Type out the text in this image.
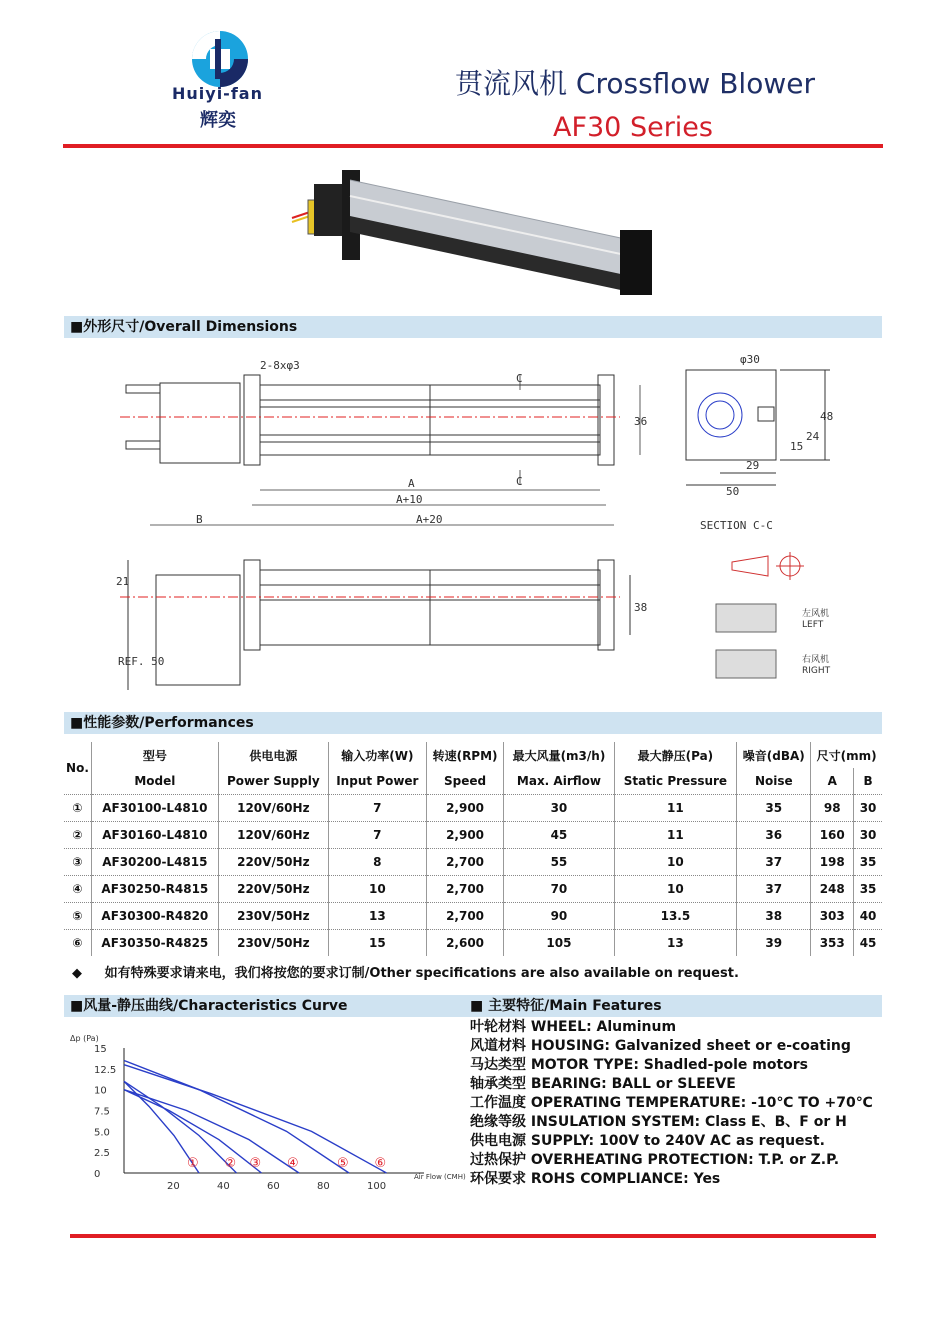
Huiyi-fan
辉奕
贯流风机 Crossflow Blower
AF30 Series
■外形尺寸/Overall Dimensions
2-8xφ3
C
C
36
A
A+10
A+20
B
φ30
48
24
15
29
50
SECTION C-C
38
21
REF. 50
左风机
LEFT
右风机
RIGHT
■性能参数/Performances
No.	型号	供电电源	输入功率(W)	转速(RPM)	最大风量(m3/h)	最大静压(Pa)	噪音(dBA)	尺寸(mm)	
	Model	Power Supply	Input Power	Speed	Max. Airflow	Static Pressure	Noise	A	B
①	AF30100-L4810	120V/60Hz	7	2,900	30	11	35	98	30
②	AF30160-L4810	120V/60Hz	7	2,900	45	11	36	160	30
③	AF30200-L4815	220V/50Hz	8	2,700	55	10	37	198	35
④	AF30250-R4815	220V/50Hz	10	2,700	70	10	37	248	35
⑤	AF30300-R4820	230V/50Hz	13	2,700	90	13.5	38	303	40
⑥	AF30350-R4825	230V/50Hz	15	2,600	105	13	39	353	45
◆ 如有特殊要求请来电，我们将按您的要求订制/Other specifications are also available on request.
■风量-静压曲线/Characteristics Curve	■ 主要特征/Main Features
15
12.5
10
7.5
5.0
2.5
0
20	40	60	80	100
Δp (Pa)
Air Flow (CMH)
① ② ③ ④	⑤ ⑥
叶轮材料 WHEEL: Aluminum
风道材料 HOUSING: Galvanized sheet or e-coating
马达类型 MOTOR TYPE: Shadled-pole motors
轴承类型 BEARING: BALL or SLEEVE
工作温度 OPERATING TEMPERATURE: -10℃ TO +70℃
绝缘等级 INSULATION SYSTEM: Class E、B、F or H
供电电源 SUPPLY: 100V to 240V AC as request.
过热保护 OVERHEATING PROTECTION: T.P. or Z.P.
环保要求 ROHS COMPLIANCE: Yes
